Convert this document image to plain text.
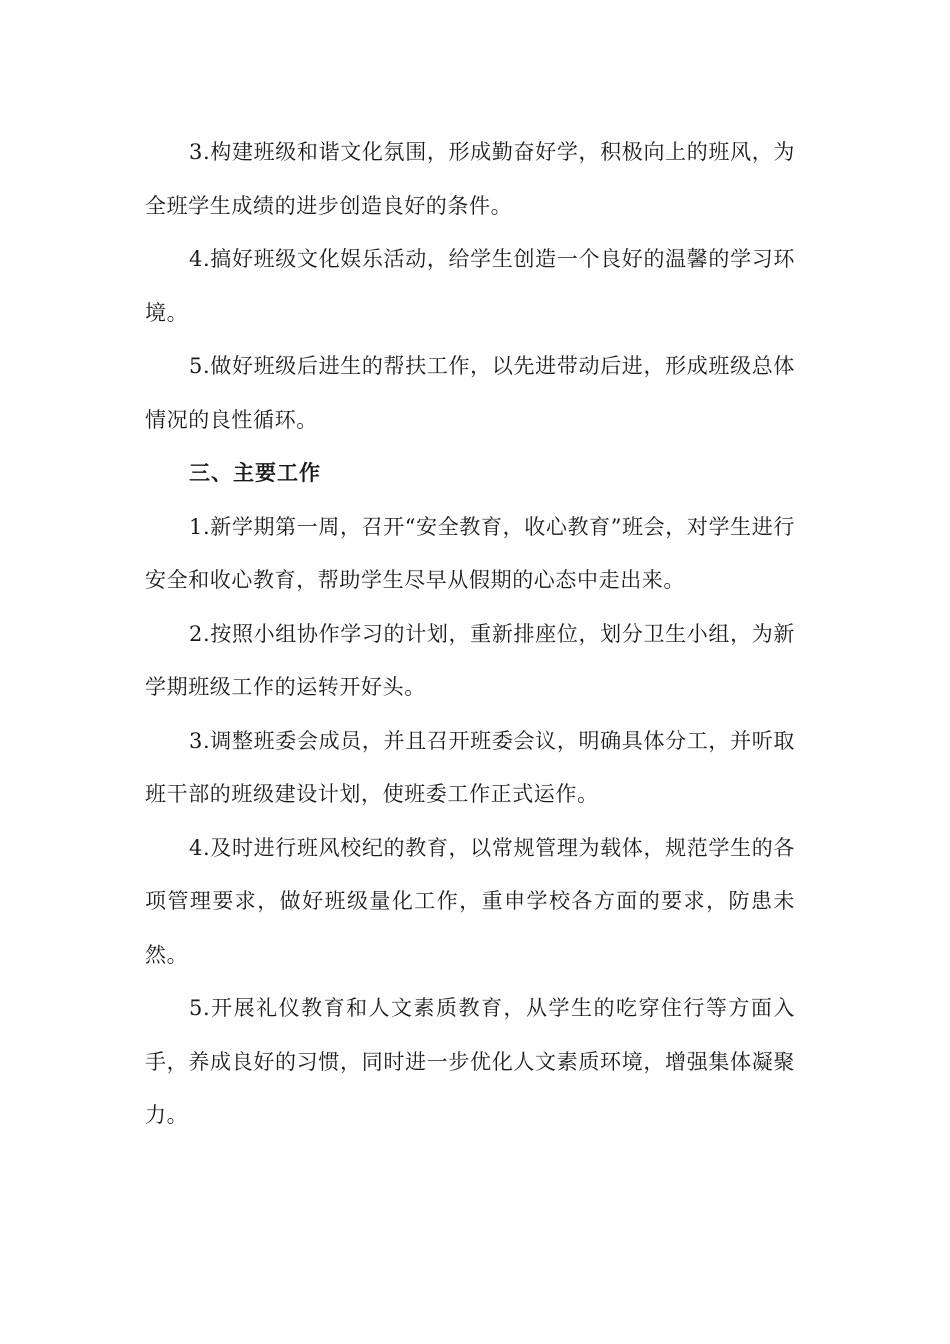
3.构建班级和谐文化氛围，形成勤奋好学，积极向上的班风，为全班学生成绩的进步创造良好的条件。

4.搞好班级文化娱乐活动，给学生创造一个良好的温馨的学习环境。

5.做好班级后进生的帮扶工作，以先进带动后进，形成班级总体情况的良性循环。

三、主要工作

1.新学期第一周，召开“安全教育，收心教育”班会，对学生进行安全和收心教育，帮助学生尽早从假期的心态中走出来。

2.按照小组协作学习的计划，重新排座位，划分卫生小组，为新学期班级工作的运转开好头。

3.调整班委会成员，并且召开班委会议，明确具体分工，并听取班干部的班级建设计划，使班委工作正式运作。

4.及时进行班风校纪的教育，以常规管理为载体，规范学生的各项管理要求，做好班级量化工作，重申学校各方面的要求，防患未然。

5.开展礼仪教育和人文素质教育，从学生的吃穿住行等方面入手，养成良好的习惯，同时进一步优化人文素质环境，增强集体凝聚力。
